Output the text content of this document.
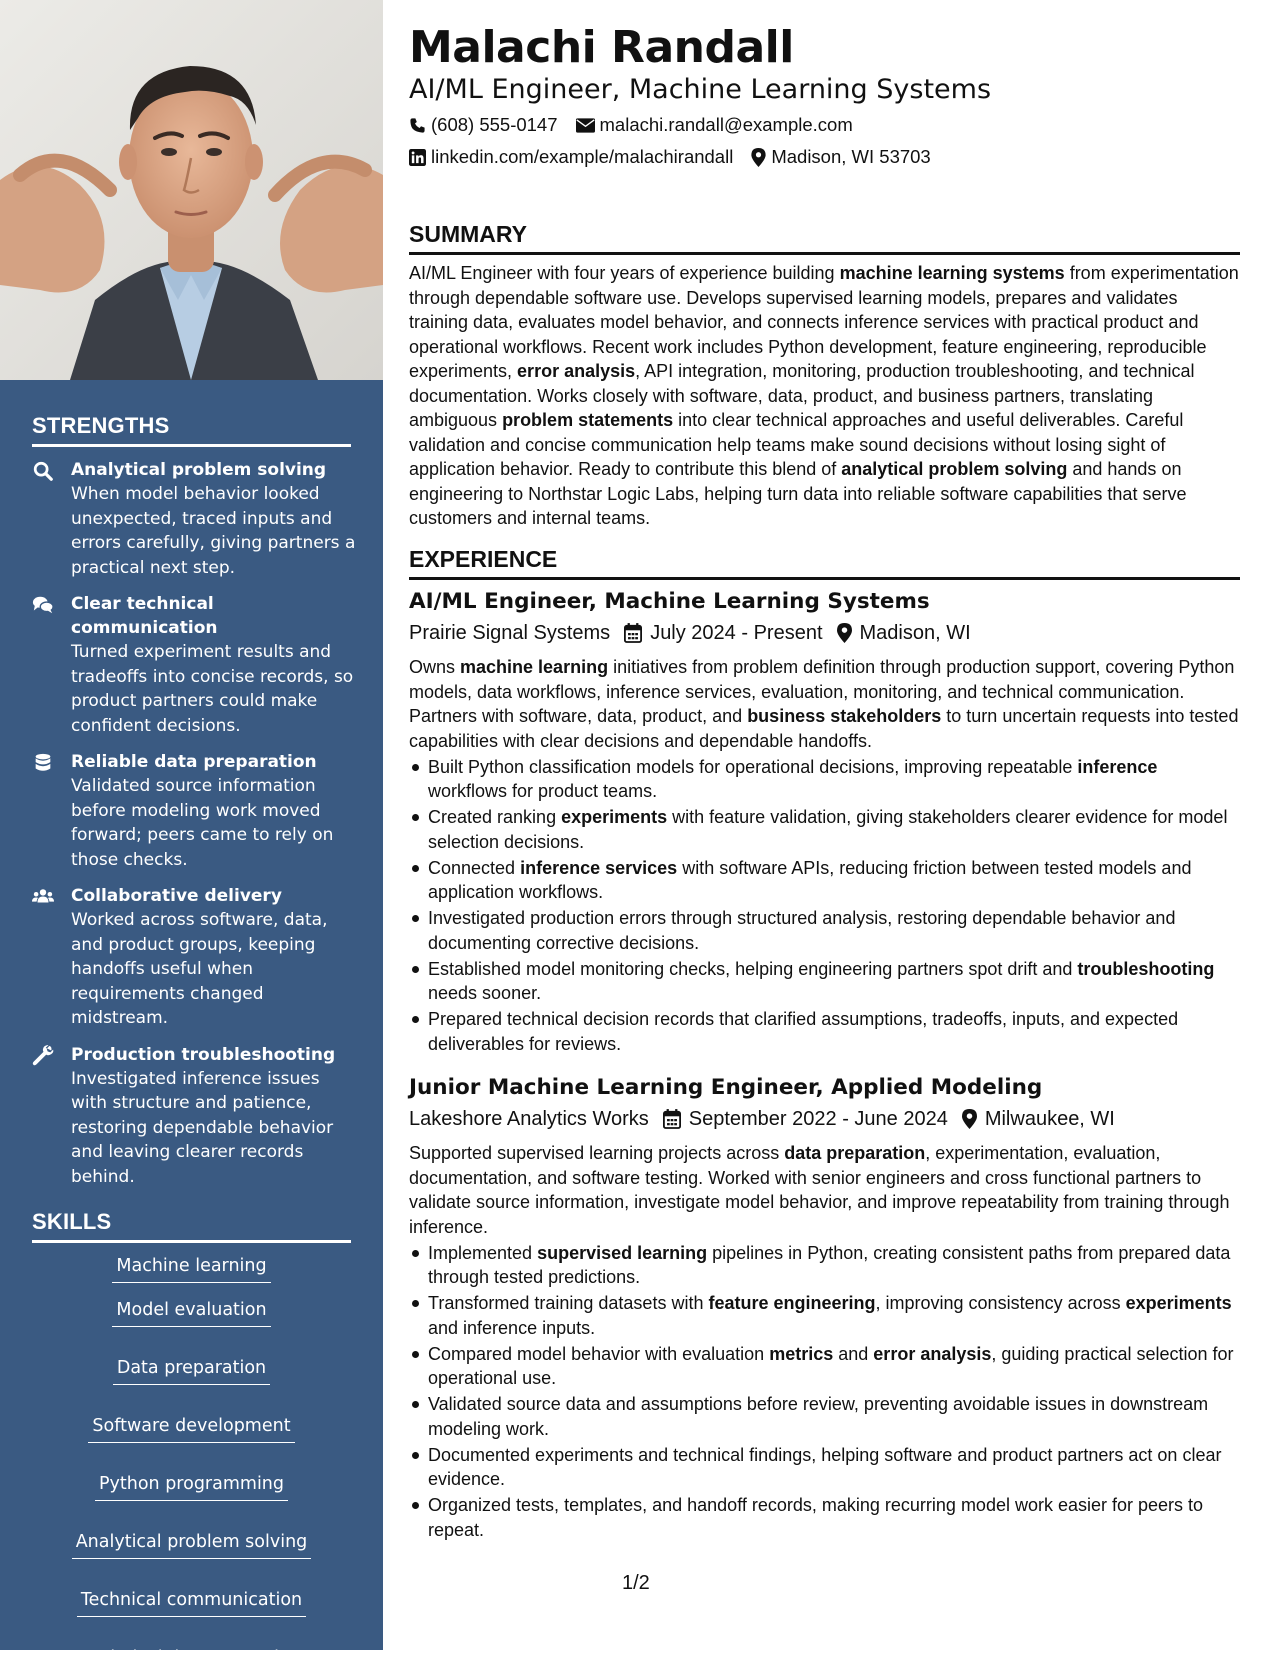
STRENGTHS
Analytical problem solving
When model behavior looked unexpected, traced inputs and errors carefully, giving partners a practical next step.
Clear technical communication
Turned experiment results and tradeoffs into concise records, so product partners could make confident decisions.
Reliable data preparation
Validated source information before modeling work moved forward; peers came to rely on those checks.
Collaborative delivery
Worked across software, data, and product groups, keeping handoffs useful when requirements changed midstream.
Production troubleshooting
Investigated inference issues with structure and patience, restoring dependable behavior and leaving clearer records behind.
SKILLS
Machine learning
Model evaluation
Data preparation
Software development
Python programming
Analytical problem solving
Technical communication
Technical documentation
Malachi Randall
AI/ML Engineer, Machine Learning Systems
(608) 555-0147 malachi.randall@example.com
linkedin.com/example/malachirandall Madison, WI 53703
SUMMARY

AI/ML Engineer with four years of experience building machine learning systems from experimentation through dependable software use. Develops supervised learning models, prepares and validates training data, evaluates model behavior, and connects inference services with practical product and operational workflows. Recent work includes Python development, feature engineering, reproducible experiments, error analysis, API integration, monitoring, production troubleshooting, and technical documentation. Works closely with software, data, product, and business partners, translating ambiguous problem statements into clear technical approaches and useful deliverables. Careful validation and concise communication help teams make sound decisions without losing sight of application behavior. Ready to contribute this blend of analytical problem solving and hands on engineering to Northstar Logic Labs, helping turn data into reliable software capabilities that serve customers and internal teams.

EXPERIENCE
AI/ML Engineer, Machine Learning Systems
Prairie Signal Systems July 2024 - Present Madison, WI

Owns machine learning initiatives from problem definition through production support, covering Python models, data workflows, inference services, evaluation, monitoring, and technical communication. Partners with software, data, product, and business stakeholders to turn uncertain requests into tested capabilities with clear decisions and dependable handoffs.

Built Python classification models for operational decisions, improving repeatable inference workflows for product teams.
Created ranking experiments with feature validation, giving stakeholders clearer evidence for model selection decisions.
Connected inference services with software APIs, reducing friction between tested models and application workflows.
Investigated production errors through structured analysis, restoring dependable behavior and documenting corrective decisions.
Established model monitoring checks, helping engineering partners spot drift and troubleshooting needs sooner.
Prepared technical decision records that clarified assumptions, tradeoffs, inputs, and expected deliverables for reviews.
Junior Machine Learning Engineer, Applied Modeling
Lakeshore Analytics Works September 2022 - June 2024 Milwaukee, WI

Supported supervised learning projects across data preparation, experimentation, evaluation, documentation, and software testing. Worked with senior engineers and cross functional partners to validate source information, investigate model behavior, and improve repeatability from training through inference.

Implemented supervised learning pipelines in Python, creating consistent paths from prepared data through tested predictions.
Transformed training datasets with feature engineering, improving consistency across experiments and inference inputs.
Compared model behavior with evaluation metrics and error analysis, guiding practical selection for operational use.
Validated source data and assumptions before review, preventing avoidable issues in downstream modeling work.
Documented experiments and technical findings, helping software and product partners act on clear evidence.
Organized tests, templates, and handoff records, making recurring model work easier for peers to repeat.
1/2
